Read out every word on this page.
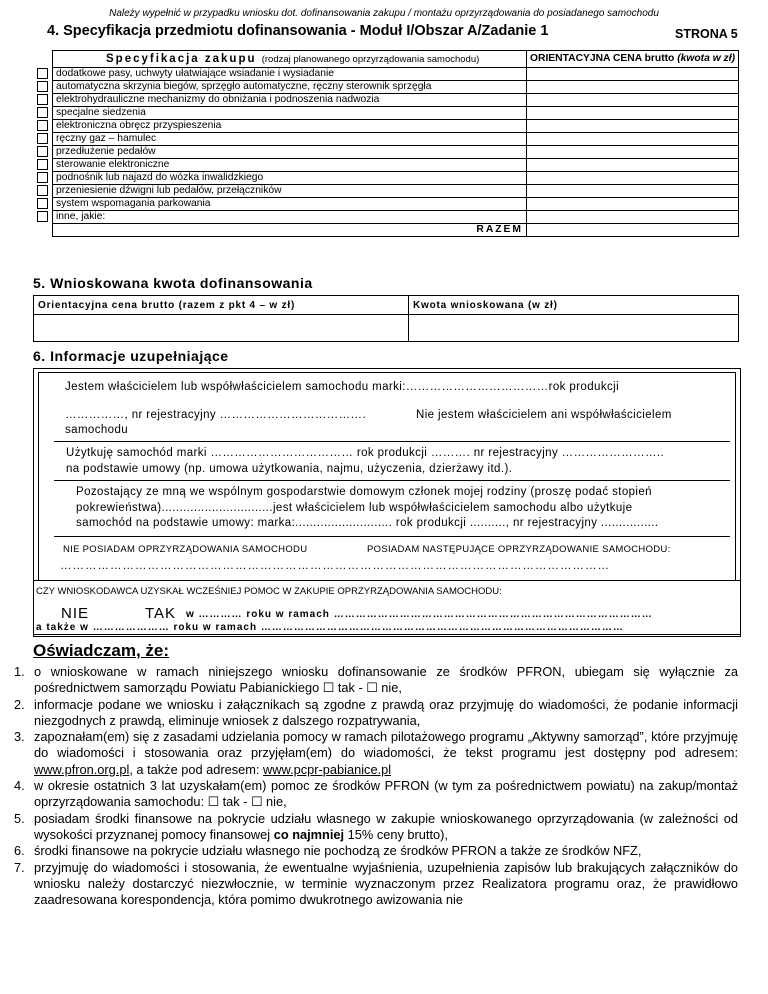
Należy wypełnić w przypadku wniosku dot. dofinansowania zakupu / montażu oprzyrządowania do posiadanego samochodu
4. Specyfikacja przedmiotu dofinansowania - Moduł I/Obszar A/Zadanie 1	STRONA 5
	Specyfikacja zakupu (rodzaj planowanego oprzyrządowania samochodu)	ORIENTACYJNA CENA brutto (kwota w zł)
	dodatkowe pasy, uchwyty ułatwiające wsiadanie i wysiadanie	
	automatyczna skrzynia biegów, sprzęgło automatyczne, ręczny sterownik sprzęgła	
	elektrohydrauliczne mechanizmy do obniżania i podnoszenia nadwozia	
	specjalne siedzenia	
	elektroniczna obręcz przyspieszenia	
	ręczny gaz – hamulec	
	przedłużenie pedałów	
	sterowanie elektroniczne	
	podnośnik lub najazd do wózka inwalidzkiego	
	przeniesienie dźwigni lub pedałów, przełączników	
	system wspomagania parkowania	
	inne, jakie:	
	RAZEM	
5. Wnioskowana kwota dofinansowania
Orientacyjna cena brutto (razem z pkt 4 – w zł)	Kwota wnioskowana (w zł)

6. Informacje uzupełniające
Jestem właścicielem lub współwłaścicielem samochodu marki:………………………………rok produkcji
……………, nr rejestracyjny ……………………………….
samochodu
Nie jestem właścicielem ani współwłaścicielem
Użytkuję samochód marki ……………………………… rok produkcji ………. nr rejestracyjny ……………………..
na podstawie umowy (np. umowa użytkowania, najmu, użyczenia, dzierżawy itd.).
Pozostający ze mną we wspólnym gospodarstwie domowym członek mojej rodziny (proszę podać stopień
pokrewieństwa)...............................jest właścicielem lub współwłaścicielem samochodu albo użytkuje
samochód na podstawie umowy: marka:........................... rok produkcji .........., nr rejestracyjny ................
NIE POSIADAM OPRZYRZĄDOWANIA SAMOCHODU	POSIADAM NASTĘPUJĄCE OPRZYRZĄDOWANIE SAMOCHODU:
……………………………………………………………………………………………………………………
CZY WNIOSKODAWCA UZYSKAŁ WCZEŚNIEJ POMOC W ZAKUPIE OPRZYRZĄDOWANIA SAMOCHODU:
NIE	TAK w ………… roku w ramach ……………………………………………………………………………
a także w ………………… roku w ramach ………………………………………………………………………………………
Oświadczam, że:
1. o wnioskowane w ramach niniejszego wniosku dofinansowanie ze środków PFRON, ubiegam się wyłącznie za pośrednictwem samorządu Powiatu Pabianickiego ☐ tak - ☐ nie,
2. informacje podane we wniosku i załącznikach są zgodne z prawdą oraz przyjmuję do wiadomości, że podanie informacji niezgodnych z prawdą, eliminuje wniosek z dalszego rozpatrywania,
3. zapoznałam(em) się z zasadami udzielania pomocy w ramach pilotażowego programu „Aktywny samorząd”, które przyjmuję do wiadomości i stosowania oraz przyjęłam(em) do wiadomości, że tekst programu jest dostępny pod adresem: www.pfron.org.pl, a także pod adresem: www.pcpr-pabianice.pl
4. w okresie ostatnich 3 lat uzyskałam(em) pomoc ze środków PFRON (w tym za pośrednictwem powiatu) na zakup/montaż oprzyrządowania samochodu: ☐ tak - ☐ nie,
5. posiadam środki finansowe na pokrycie udziału własnego w zakupie wnioskowanego oprzyrządowania (w zależności od wysokości przyznanej pomocy finansowej co najmniej 15% ceny brutto),
6. środki finansowe na pokrycie udziału własnego nie pochodzą ze środków PFRON a także ze środków NFZ,
7. przyjmuję do wiadomości i stosowania, że ewentualne wyjaśnienia, uzupełnienia zapisów lub brakujących załączników do wniosku należy dostarczyć niezwłocznie, w terminie wyznaczonym przez Realizatora programu oraz, że prawidłowo zaadresowana korespondencja, która pomimo dwukrotnego awizowania nie
